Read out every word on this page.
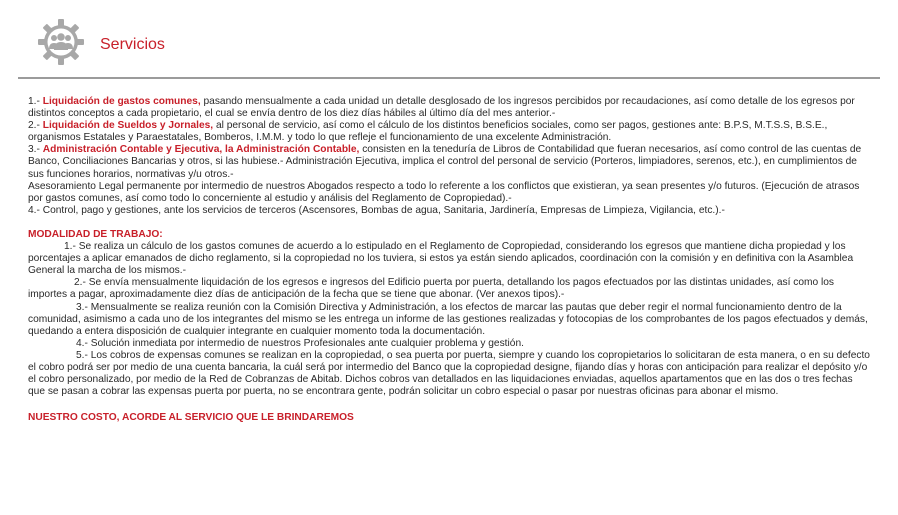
Servicios

1.- Liquidación de gastos comunes, pasando mensualmente a cada unidad un detalle desglosado de los ingresos percibidos por recaudaciones, así como detalle de los egresos por distintos conceptos a cada propietario, el cual se envía dentro de los diez días hábiles al último día del mes anterior.-

2.- Liquidación de Sueldos y Jornales, al personal de servicio, así como el cálculo de los distintos beneficios sociales, como ser pagos, gestiones ante: B.P.S, M.T.S.S, B.S.E., organismos Estatales y Paraestatales, Bomberos, I.M.M. y todo lo que refleje el funcionamiento de una excelente Administración.

3.- Administración Contable y Ejecutiva, la Administración Contable, consisten en la teneduría de Libros de Contabilidad que fueran necesarios, así como control de las cuentas de Banco, Conciliaciones Bancarias y otros, si las hubiese.- Administración Ejecutiva, implica el control del personal de servicio (Porteros, limpiadores, serenos, etc.), en cumplimientos de sus funciones horarios, normativas y/u otros.-

Asesoramiento Legal permanente por intermedio de nuestros Abogados respecto a todo lo referente a los conflictos que existieran, ya sean presentes y/o futuros. (Ejecución de atrasos por gastos comunes, así como todo lo concerniente al estudio y análisis del Reglamento de Copropiedad).-

4.- Control, pago y gestiones, ante los servicios de terceros (Ascensores, Bombas de agua, Sanitaria, Jardinería, Empresas de Limpieza, Vigilancia, etc.).-

MODALIDAD DE TRABAJO:

1.- Se realiza un cálculo de los gastos comunes de acuerdo a lo estipulado en el Reglamento de Copropiedad, considerando los egresos que mantiene dicha propiedad y los porcentajes a aplicar emanados de dicho reglamento, si la copropiedad no los tuviera, si estos ya están siendo aplicados, coordinación con la comisión y en definitiva con la Asamblea General la marcha de los mismos.-

2.- Se envía mensualmente liquidación de los egresos e ingresos del Edificio puerta por puerta, detallando los pagos efectuados por las distintas unidades, así como los importes a pagar, aproximadamente diez días de anticipación de la fecha que se tiene que abonar. (Ver anexos tipos).-

3.- Mensualmente se realiza reunión con la Comisión Directiva y Administración, a los efectos de marcar las pautas que deber regir el normal funcionamiento dentro de la comunidad, asimismo a cada uno de los integrantes del mismo se les entrega un informe de las gestiones realizadas y fotocopias de los comprobantes de los pagos efectuados y demás, quedando a entera disposición de cualquier integrante en cualquier momento toda la documentación.

4.- Solución inmediata por intermedio de nuestros Profesionales ante cualquier problema y gestión.

5.- Los cobros de expensas comunes se realizan en la copropiedad, o sea puerta por puerta, siempre y cuando los copropietarios lo solicitaran de esta manera, o en su defecto el cobro podrá ser por medio de una cuenta bancaria, la cuál será por intermedio del Banco que la copropiedad designe, fijando días y horas con anticipación para realizar el depósito y/o el cobro personalizado, por medio de la Red de Cobranzas de Abitab. Dichos cobros van detallados en las liquidaciones enviadas, aquellos apartamentos que en las dos o tres fechas que se pasan a cobrar las expensas puerta por puerta, no se encontrara gente, podrán solicitar un cobro especial o pasar por nuestras oficinas para abonar el mismo.

NUESTRO COSTO, ACORDE AL SERVICIO QUE LE BRINDAREMOS
